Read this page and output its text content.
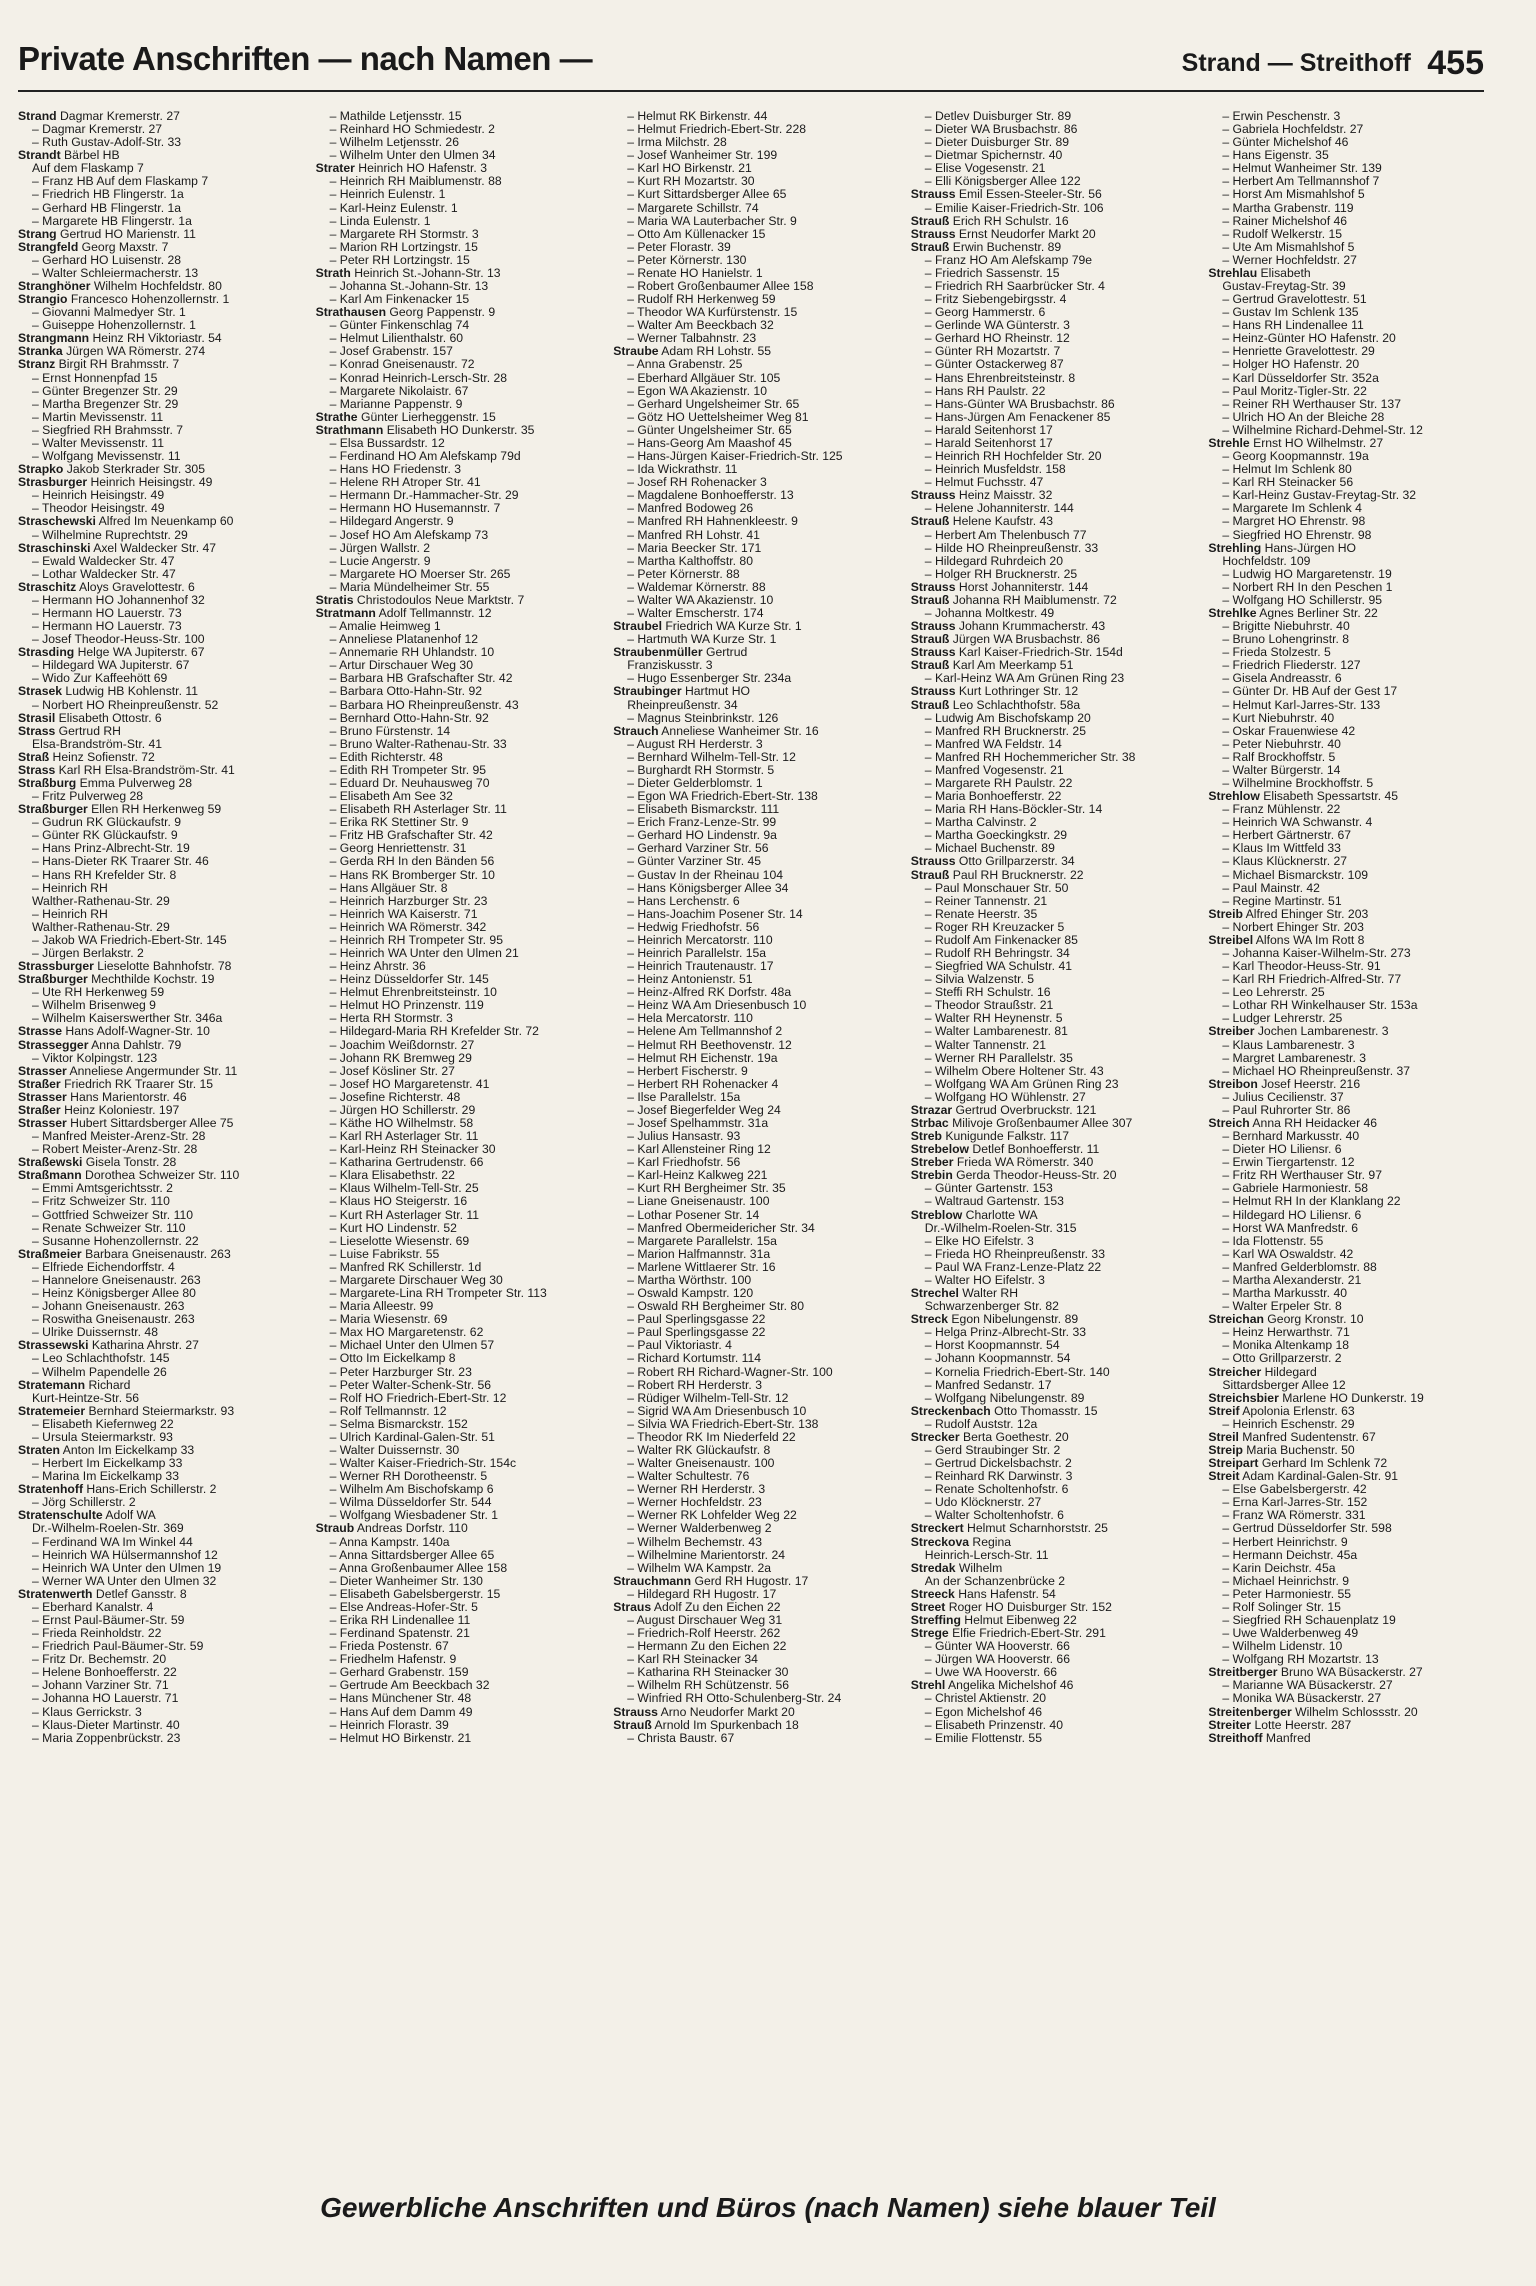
Private Anschriften — nach Namen —	Strand — Streithoff 455
Strand Dagmar Kremerstr. 27
– Dagmar Kremerstr. 27
– Ruth Gustav-Adolf-Str. 33
Strandt Bärbel HB
Auf dem Flaskamp 7
– Franz HB Auf dem Flaskamp 7
– Friedrich HB Flingerstr. 1a
– Gerhard HB Flingerstr. 1a
– Margarete HB Flingerstr. 1a
Strang Gertrud HO Marienstr. 11
Strangfeld Georg Maxstr. 7
– Gerhard HO Luisenstr. 28
– Walter Schleiermacherstr. 13
Stranghöner Wilhelm Hochfeldstr. 80
Strangio Francesco Hohenzollernstr. 1
– Giovanni Malmedyer Str. 1
– Guiseppe Hohenzollernstr. 1
Strangmann Heinz RH Viktoriastr. 54
Stranka Jürgen WA Römerstr. 274
Stranz Birgit RH Brahmsstr. 7
– Ernst Honnenpfad 15
– Günter Bregenzer Str. 29
– Martha Bregenzer Str. 29
– Martin Mevissenstr. 11
– Siegfried RH Brahmsstr. 7
– Walter Mevissenstr. 11
– Wolfgang Mevissenstr. 11
Strapko Jakob Sterkrader Str. 305
Strasburger Heinrich Heisingstr. 49
– Heinrich Heisingstr. 49
– Theodor Heisingstr. 49
Straschewski Alfred Im Neuenkamp 60
– Wilhelmine Ruprechtstr. 29
Straschinski Axel Waldecker Str. 47
– Ewald Waldecker Str. 47
– Lothar Waldecker Str. 47
Straschitz Aloys Gravelottestr. 6
– Hermann HO Johannenhof 32
– Hermann HO Lauerstr. 73
– Hermann HO Lauerstr. 73
– Josef Theodor-Heuss-Str. 100
Strasding Helge WA Jupiterstr. 67
– Hildegard WA Jupiterstr. 67
– Wido Zur Kaffeehött 69
Strasek Ludwig HB Kohlenstr. 11
– Norbert HO Rheinpreußenstr. 52
Strasil Elisabeth Ottostr. 6
Strass Gertrud RH
Elsa-Brandström-Str. 41
Straß Heinz Sofienstr. 72
Strass Karl RH Elsa-Brandström-Str. 41
Straßburg Emma Pulverweg 28
– Fritz Pulverweg 28
Straßburger Ellen RH Herkenweg 59
– Gudrun RK Glückaufstr. 9
– Günter RK Glückaufstr. 9
– Hans Prinz-Albrecht-Str. 19
– Hans-Dieter RK Traarer Str. 46
– Hans RH Krefelder Str. 8
– Heinrich RH
Walther-Rathenau-Str. 29
– Heinrich RH
Walther-Rathenau-Str. 29
– Jakob WA Friedrich-Ebert-Str. 145
– Jürgen Berlakstr. 2
Strassburger Lieselotte Bahnhofstr. 78
Straßburger Mechthilde Kochstr. 19
– Ute RH Herkenweg 59
– Wilhelm Brisenweg 9
– Wilhelm Kaiserswerther Str. 346a
Strasse Hans Adolf-Wagner-Str. 10
Strassegger Anna Dahlstr. 79
– Viktor Kolpingstr. 123
Strasser Anneliese Angermunder Str. 11
Straßer Friedrich RK Traarer Str. 15
Strasser Hans Marientorstr. 46
Straßer Heinz Koloniestr. 197
Strasser Hubert Sittardsberger Allee 75
– Manfred Meister-Arenz-Str. 28
– Robert Meister-Arenz-Str. 28
Straßewski Gisela Tonstr. 28
Straßmann Dorothea Schweizer Str. 110
– Emmi Amtsgerichtsstr. 2
– Fritz Schweizer Str. 110
– Gottfried Schweizer Str. 110
– Renate Schweizer Str. 110
– Susanne Hohenzollernstr. 22
Straßmeier Barbara Gneisenaustr. 263
– Elfriede Eichendorffstr. 4
– Hannelore Gneisenaustr. 263
– Heinz Königsberger Allee 80
– Johann Gneisenaustr. 263
– Roswitha Gneisenaustr. 263
– Ulrike Duissernstr. 48
Strassewski Katharina Ahrstr. 27
– Leo Schlachthofstr. 145
– Wilhelm Papendelle 26
Stratemann Richard
Kurt-Heintze-Str. 56
Stratemeier Bernhard Steiermarkstr. 93
– Elisabeth Kiefernweg 22
– Ursula Steiermarkstr. 93
Straten Anton Im Eickelkamp 33
– Herbert Im Eickelkamp 33
– Marina Im Eickelkamp 33
Stratenhoff Hans-Erich Schillerstr. 2
– Jörg Schillerstr. 2
Stratenschulte Adolf WA
Dr.-Wilhelm-Roelen-Str. 369
– Ferdinand WA Im Winkel 44
– Heinrich WA Hülsermannshof 12
– Heinrich WA Unter den Ulmen 19
– Werner WA Unter den Ulmen 32
Stratenwerth Detlef Gansstr. 8
– Eberhard Kanalstr. 4
– Ernst Paul-Bäumer-Str. 59
– Frieda Reinholdstr. 22
– Friedrich Paul-Bäumer-Str. 59
– Fritz Dr. Bechemstr. 20
– Helene Bonhoefferstr. 22
– Johann Varziner Str. 71
– Johanna HO Lauerstr. 71
– Klaus Gerrickstr. 3
– Klaus-Dieter Martinstr. 40
– Maria Zoppenbrückstr. 23
– Mathilde Letjensstr. 15
– Reinhard HO Schmiedestr. 2
– Wilhelm Letjensstr. 26
– Wilhelm Unter den Ulmen 34
Strater Heinrich HO Hafenstr. 3
– Heinrich RH Maiblumenstr. 88
– Heinrich Eulenstr. 1
– Karl-Heinz Eulenstr. 1
– Linda Eulenstr. 1
– Margarete RH Stormstr. 3
– Marion RH Lortzingstr. 15
– Peter RH Lortzingstr. 15
Strath Heinrich St.-Johann-Str. 13
– Johanna St.-Johann-Str. 13
– Karl Am Finkenacker 15
Strathausen Georg Pappenstr. 9
– Günter Finkenschlag 74
– Helmut Lilienthalstr. 60
– Josef Grabenstr. 157
– Konrad Gneisenaustr. 72
– Konrad Heinrich-Lersch-Str. 28
– Margarete Nikolaistr. 67
– Marianne Pappenstr. 9
Strathe Günter Lierheggenstr. 15
Strathmann Elisabeth HO Dunkerstr. 35
– Elsa Bussardstr. 12
– Ferdinand HO Am Alefskamp 79d
– Hans HO Friedenstr. 3
– Helene RH Atroper Str. 41
– Hermann Dr.-Hammacher-Str. 29
– Hermann HO Husemannstr. 7
– Hildegard Angerstr. 9
– Josef HO Am Alefskamp 73
– Jürgen Wallstr. 2
– Lucie Angerstr. 9
– Margarete HO Moerser Str. 265
– Maria Mündelheimer Str. 55
Stratis Christodoulos Neue Marktstr. 7
Stratmann Adolf Tellmannstr. 12
– Amalie Heimweg 1
– Anneliese Platanenhof 12
– Annemarie RH Uhlandstr. 10
– Artur Dirschauer Weg 30
– Barbara HB Grafschafter Str. 42
– Barbara Otto-Hahn-Str. 92
– Barbara HO Rheinpreußenstr. 43
– Bernhard Otto-Hahn-Str. 92
– Bruno Fürstenstr. 14
– Bruno Walter-Rathenau-Str. 33
– Edith Richterstr. 48
– Edith RH Trompeter Str. 95
– Eduard Dr. Neuhausweg 70
– Elisabeth Am See 32
– Elisabeth RH Asterlager Str. 11
– Erika RK Stettiner Str. 9
– Fritz HB Grafschafter Str. 42
– Georg Henriettenstr. 31
– Gerda RH In den Bänden 56
– Hans RK Bromberger Str. 10
– Hans Allgäuer Str. 8
– Heinrich Harzburger Str. 23
– Heinrich WA Kaiserstr. 71
– Heinrich WA Römerstr. 342
– Heinrich RH Trompeter Str. 95
– Heinrich WA Unter den Ulmen 21
– Heinz Ahrstr. 36
– Heinz Düsseldorfer Str. 145
– Helmut Ehrenbreitsteinstr. 10
– Helmut HO Prinzenstr. 119
– Herta RH Stormstr. 3
– Hildegard-Maria RH Krefelder Str. 72
– Joachim Weißdornstr. 27
– Johann RK Bremweg 29
– Josef Kösliner Str. 27
– Josef HO Margaretenstr. 41
– Josefine Richterstr. 48
– Jürgen HO Schillerstr. 29
– Käthe HO Wilhelmstr. 58
– Karl RH Asterlager Str. 11
– Karl-Heinz RH Steinacker 30
– Katharina Gertrudenstr. 66
– Klara Elisabethstr. 22
– Klaus Wilhelm-Tell-Str. 25
– Klaus HO Steigerstr. 16
– Kurt RH Asterlager Str. 11
– Kurt HO Lindenstr. 52
– Lieselotte Wiesenstr. 69
– Luise Fabrikstr. 55
– Manfred RK Schillerstr. 1d
– Margarete Dirschauer Weg 30
– Margarete-Lina RH Trompeter Str. 113
– Maria Alleestr. 99
– Maria Wiesenstr. 69
– Max HO Margaretenstr. 62
– Michael Unter den Ulmen 57
– Otto Im Eickelkamp 8
– Peter Harzburger Str. 23
– Peter Walter-Schenk-Str. 56
– Rolf HO Friedrich-Ebert-Str. 12
– Rolf Tellmannstr. 12
– Selma Bismarckstr. 152
– Ulrich Kardinal-Galen-Str. 51
– Walter Duissernstr. 30
– Walter Kaiser-Friedrich-Str. 154c
– Werner RH Dorotheenstr. 5
– Wilhelm Am Bischofskamp 6
– Wilma Düsseldorfer Str. 544
– Wolfgang Wiesbadener Str. 1
Straub Andreas Dorfstr. 110
– Anna Kampstr. 140a
– Anna Sittardsberger Allee 65
– Anna Großenbaumer Allee 158
– Dieter Wanheimer Str. 130
– Elisabeth Gabelsbergerstr. 15
– Else Andreas-Hofer-Str. 5
– Erika RH Lindenallee 11
– Ferdinand Spatenstr. 21
– Frieda Postenstr. 67
– Friedhelm Hafenstr. 9
– Gerhard Grabenstr. 159
– Gertrude Am Beeckbach 32
– Hans Münchener Str. 48
– Hans Auf dem Damm 49
– Heinrich Florastr. 39
– Helmut HO Birkenstr. 21
– Helmut RK Birkenstr. 44
– Helmut Friedrich-Ebert-Str. 228
– Irma Milchstr. 28
– Josef Wanheimer Str. 199
– Karl HO Birkenstr. 21
– Kurt RH Mozartstr. 30
– Kurt Sittardsberger Allee 65
– Margarete Schillstr. 74
– Maria WA Lauterbacher Str. 9
– Otto Am Küllenacker 15
– Peter Florastr. 39
– Peter Körnerstr. 130
– Renate HO Hanielstr. 1
– Robert Großenbaumer Allee 158
– Rudolf RH Herkenweg 59
– Theodor WA Kurfürstenstr. 15
– Walter Am Beeckbach 32
– Werner Talbahnstr. 23
Straube Adam RH Lohstr. 55
– Anna Grabenstr. 25
– Eberhard Allgäuer Str. 105
– Egon WA Akazienstr. 10
– Gerhard Ungelsheimer Str. 65
– Götz HO Uettelsheimer Weg 81
– Günter Ungelsheimer Str. 65
– Hans-Georg Am Maashof 45
– Hans-Jürgen Kaiser-Friedrich-Str. 125
– Ida Wickrathstr. 11
– Josef RH Rohenacker 3
– Magdalene Bonhoefferstr. 13
– Manfred Bodoweg 26
– Manfred RH Hahnenkleestr. 9
– Manfred RH Lohstr. 41
– Maria Beecker Str. 171
– Martha Kalthoffstr. 80
– Peter Körnerstr. 88
– Waldemar Körnerstr. 88
– Walter WA Akazienstr. 10
– Walter Emscherstr. 174
Straubel Friedrich WA Kurze Str. 1
– Hartmuth WA Kurze Str. 1
Straubenmüller Gertrud
Franziskusstr. 3
– Hugo Essenberger Str. 234a
Straubinger Hartmut HO
Rheinpreußenstr. 34
– Magnus Steinbrinkstr. 126
Strauch Anneliese Wanheimer Str. 16
– August RH Herderstr. 3
– Bernhard Wilhelm-Tell-Str. 12
– Burghardt RH Stormstr. 5
– Dieter Gelderblomstr. 1
– Egon WA Friedrich-Ebert-Str. 138
– Elisabeth Bismarckstr. 111
– Erich Franz-Lenze-Str. 99
– Gerhard HO Lindenstr. 9a
– Gerhard Varziner Str. 56
– Günter Varziner Str. 45
– Gustav In der Rheinau 104
– Hans Königsberger Allee 34
– Hans Lerchenstr. 6
– Hans-Joachim Posener Str. 14
– Hedwig Friedhofstr. 56
– Heinrich Mercatorstr. 110
– Heinrich Parallelstr. 15a
– Heinrich Trautenaustr. 17
– Heinz Antonienstr. 51
– Heinz-Alfred RK Dorfstr. 48a
– Heinz WA Am Driesenbusch 10
– Hela Mercatorstr. 110
– Helene Am Tellmannshof 2
– Helmut RH Beethovenstr. 12
– Helmut RH Eichenstr. 19a
– Herbert Fischerstr. 9
– Herbert RH Rohenacker 4
– Ilse Parallelstr. 15a
– Josef Biegerfelder Weg 24
– Josef Spelhammstr. 31a
– Julius Hansastr. 93
– Karl Allensteiner Ring 12
– Karl Friedhofstr. 56
– Karl-Heinz Kalkweg 221
– Kurt RH Bergheimer Str. 35
– Liane Gneisenaustr. 100
– Lothar Posener Str. 14
– Manfred Obermeidericher Str. 34
– Margarete Parallelstr. 15a
– Marion Halfmannstr. 31a
– Marlene Wittlaerer Str. 16
– Martha Wörthstr. 100
– Oswald Kampstr. 120
– Oswald RH Bergheimer Str. 80
– Paul Sperlingsgasse 22
– Paul Sperlingsgasse 22
– Paul Viktoriastr. 4
– Richard Kortumstr. 114
– Robert RH Richard-Wagner-Str. 100
– Robert RH Herderstr. 3
– Rüdiger Wilhelm-Tell-Str. 12
– Sigrid WA Am Driesenbusch 10
– Silvia WA Friedrich-Ebert-Str. 138
– Theodor RK Im Niederfeld 22
– Walter RK Glückaufstr. 8
– Walter Gneisenaustr. 100
– Walter Schultestr. 76
– Werner RH Herderstr. 3
– Werner Hochfeldstr. 23
– Werner RK Lohfelder Weg 22
– Werner Walderbenweg 2
– Wilhelm Bechemstr. 43
– Wilhelmine Marientorstr. 24
– Wilhelm WA Kampstr. 2a
Strauchmann Gerd RH Hugostr. 17
– Hildegard RH Hugostr. 17
Straus Adolf Zu den Eichen 22
– August Dirschauer Weg 31
– Friedrich-Rolf Heerstr. 262
– Hermann Zu den Eichen 22
– Karl RH Steinacker 34
– Katharina RH Steinacker 30
– Wilhelm RH Schützenstr. 56
– Winfried RH Otto-Schulenberg-Str. 24
Strauss Arno Neudorfer Markt 20
Strauß Arnold Im Spurkenbach 18
– Christa Baustr. 67
– Detlev Duisburger Str. 89
– Dieter WA Brusbachstr. 86
– Dieter Duisburger Str. 89
– Dietmar Spichernstr. 40
– Elise Vogesenstr. 21
– Elli Königsberger Allee 122
Strauss Emil Essen-Steeler-Str. 56
– Emilie Kaiser-Friedrich-Str. 106
Strauß Erich RH Schulstr. 16
Strauss Ernst Neudorfer Markt 20
Strauß Erwin Buchenstr. 89
– Franz HO Am Alefskamp 79e
– Friedrich Sassenstr. 15
– Friedrich RH Saarbrücker Str. 4
– Fritz Siebengebirgsstr. 4
– Georg Hammerstr. 6
– Gerlinde WA Günterstr. 3
– Gerhard HO Rheinstr. 12
– Günter RH Mozartstr. 7
– Günter Ostackerweg 87
– Hans Ehrenbreitsteinstr. 8
– Hans RH Paulstr. 22
– Hans-Günter WA Brusbachstr. 86
– Hans-Jürgen Am Fenackener 85
– Harald Seitenhorst 17
– Harald Seitenhorst 17
– Heinrich RH Hochfelder Str. 20
– Heinrich Musfeldstr. 158
– Helmut Fuchsstr. 47
Strauss Heinz Maisstr. 32
– Helene Johanniterstr. 144
Strauß Helene Kaufstr. 43
– Herbert Am Thelenbusch 77
– Hilde HO Rheinpreußenstr. 33
– Hildegard Ruhrdeich 20
– Holger RH Brucknerstr. 25
Strauss Horst Johanniterstr. 144
Strauß Johanna RH Maiblumenstr. 72
– Johanna Moltkestr. 49
Strauss Johann Krummacherstr. 43
Strauß Jürgen WA Brusbachstr. 86
Strauss Karl Kaiser-Friedrich-Str. 154d
Strauß Karl Am Meerkamp 51
– Karl-Heinz WA Am Grünen Ring 23
Strauss Kurt Lothringer Str. 12
Strauß Leo Schlachthofstr. 58a
– Ludwig Am Bischofskamp 20
– Manfred RH Brucknerstr. 25
– Manfred WA Feldstr. 14
– Manfred RH Hochemmericher Str. 38
– Manfred Vogesenstr. 21
– Margarete RH Paulstr. 22
– Maria Bonhoefferstr. 22
– Maria RH Hans-Böckler-Str. 14
– Martha Calvinstr. 2
– Martha Goeckingkstr. 29
– Michael Buchenstr. 89
Strauss Otto Grillparzerstr. 34
Strauß Paul RH Brucknerstr. 22
– Paul Monschauer Str. 50
– Reiner Tannenstr. 21
– Renate Heerstr. 35
– Roger RH Kreuzacker 5
– Rudolf Am Finkenacker 85
– Rudolf RH Behringstr. 34
– Siegfried WA Schulstr. 41
– Silvia Walzenstr. 5
– Steffi RH Schulstr. 16
– Theodor Straußstr. 21
– Walter RH Heynenstr. 5
– Walter Lambarenestr. 81
– Walter Tannenstr. 21
– Werner RH Parallelstr. 35
– Wilhelm Obere Holtener Str. 43
– Wolfgang WA Am Grünen Ring 23
– Wolfgang HO Wühlenstr. 27
Strazar Gertrud Overbruckstr. 121
Strbac Milivoje Großenbaumer Allee 307
Streb Kunigunde Falkstr. 117
Strebelow Detlef Bonhoefferstr. 11
Streber Frieda WA Römerstr. 340
Strebin Gerda Theodor-Heuss-Str. 20
– Günter Gartenstr. 153
– Waltraud Gartenstr. 153
Streblow Charlotte WA
Dr.-Wilhelm-Roelen-Str. 315
– Elke HO Eifelstr. 3
– Frieda HO Rheinpreußenstr. 33
– Paul WA Franz-Lenze-Platz 22
– Walter HO Eifelstr. 3
Strechel Walter RH
Schwarzenberger Str. 82
Streck Egon Nibelungenstr. 89
– Helga Prinz-Albrecht-Str. 33
– Horst Koopmannstr. 54
– Johann Koopmannstr. 54
– Kornelia Friedrich-Ebert-Str. 140
– Manfred Sedanstr. 17
– Wolfgang Nibelungenstr. 89
Streckenbach Otto Thomasstr. 15
– Rudolf Auststr. 12a
Strecker Berta Goethestr. 20
– Gerd Straubinger Str. 2
– Gertrud Dickelsbachstr. 2
– Reinhard RK Darwinstr. 3
– Renate Scholtenhofstr. 6
– Udo Klöcknerstr. 27
– Walter Scholtenhofstr. 6
Streckert Helmut Scharnhorststr. 25
Streckova Regina
Heinrich-Lersch-Str. 11
Stredak Wilhelm
An der Schanzenbrücke 2
Streeck Hans Hafenstr. 54
Street Roger HO Duisburger Str. 152
Streffing Helmut Eibenweg 22
Strege Elfie Friedrich-Ebert-Str. 291
– Günter WA Hooverstr. 66
– Jürgen WA Hooverstr. 66
– Uwe WA Hooverstr. 66
Strehl Angelika Michelshof 46
– Christel Aktienstr. 20
– Egon Michelshof 46
– Elisabeth Prinzenstr. 40
– Emilie Flottenstr. 55
– Erwin Peschenstr. 3
– Gabriela Hochfeldstr. 27
– Günter Michelshof 46
– Hans Eigenstr. 35
– Helmut Wanheimer Str. 139
– Herbert Am Tellmannshof 7
– Horst Am Mismahlshof 5
– Martha Grabenstr. 119
– Rainer Michelshof 46
– Rudolf Welkerstr. 15
– Ute Am Mismahlshof 5
– Werner Hochfeldstr. 27
Strehlau Elisabeth
Gustav-Freytag-Str. 39
– Gertrud Gravelottestr. 51
– Gustav Im Schlenk 135
– Hans RH Lindenallee 11
– Heinz-Günter HO Hafenstr. 20
– Henriette Gravelottestr. 29
– Holger HO Hafenstr. 20
– Karl Düsseldorfer Str. 352a
– Paul Moritz-Tigler-Str. 22
– Reiner RH Werthauser Str. 137
– Ulrich HO An der Bleiche 28
– Wilhelmine Richard-Dehmel-Str. 12
Strehle Ernst HO Wilhelmstr. 27
– Georg Koopmannstr. 19a
– Helmut Im Schlenk 80
– Karl RH Steinacker 56
– Karl-Heinz Gustav-Freytag-Str. 32
– Margarete Im Schlenk 4
– Margret HO Ehrenstr. 98
– Siegfried HO Ehrenstr. 98
Strehling Hans-Jürgen HO
Hochfeldstr. 109
– Ludwig HO Margaretenstr. 19
– Norbert RH In den Peschen 1
– Wolfgang HO Schillerstr. 95
Strehlke Agnes Berliner Str. 22
– Brigitte Niebuhrstr. 40
– Bruno Lohengrinstr. 8
– Frieda Stolzestr. 5
– Friedrich Fliederstr. 127
– Gisela Andreasstr. 6
– Günter Dr. HB Auf der Gest 17
– Helmut Karl-Jarres-Str. 133
– Kurt Niebuhrstr. 40
– Oskar Frauenwiese 42
– Peter Niebuhrstr. 40
– Ralf Brockhoffstr. 5
– Walter Bürgerstr. 14
– Wilhelmine Brockhoffstr. 5
Strehlow Elisabeth Spessartstr. 45
– Franz Mühlenstr. 22
– Heinrich WA Schwanstr. 4
– Herbert Gärtnerstr. 67
– Klaus Im Wittfeld 33
– Klaus Klücknerstr. 27
– Michael Bismarckstr. 109
– Paul Mainstr. 42
– Regine Martinstr. 51
Streib Alfred Ehinger Str. 203
– Norbert Ehinger Str. 203
Streibel Alfons WA Im Rott 8
– Johanna Kaiser-Wilhelm-Str. 273
– Karl Theodor-Heuss-Str. 91
– Karl RH Friedrich-Alfred-Str. 77
– Leo Lehrerstr. 25
– Lothar RH Winkelhauser Str. 153a
– Ludger Lehrerstr. 25
Streiber Jochen Lambarenestr. 3
– Klaus Lambarenestr. 3
– Margret Lambarenestr. 3
– Michael HO Rheinpreußenstr. 37
Streibon Josef Heerstr. 216
– Julius Cecilienstr. 37
– Paul Ruhrorter Str. 86
Streich Anna RH Heidacker 46
– Bernhard Markusstr. 40
– Dieter HO Liliensr. 6
– Erwin Tiergartenstr. 12
– Fritz RH Werthauser Str. 97
– Gabriele Harmoniestr. 58
– Helmut RH In der Klanklang 22
– Hildegard HO Liliensr. 6
– Horst WA Manfredstr. 6
– Ida Flottenstr. 55
– Karl WA Oswaldstr. 42
– Manfred Gelderblomstr. 88
– Martha Alexanderstr. 21
– Martha Markusstr. 40
– Walter Erpeler Str. 8
Streichan Georg Kronstr. 10
– Heinz Herwarthstr. 71
– Monika Altenkamp 18
– Otto Grillparzerstr. 2
Streicher Hildegard
Sittardsberger Allee 12
Streichsbier Marlene HO Dunkerstr. 19
Streif Apolonia Erlenstr. 63
– Heinrich Eschenstr. 29
Streil Manfred Sudentenstr. 67
Streip Maria Buchenstr. 50
Streipart Gerhard Im Schlenk 72
Streit Adam Kardinal-Galen-Str. 91
– Else Gabelsbergerstr. 42
– Erna Karl-Jarres-Str. 152
– Franz WA Römerstr. 331
– Gertrud Düsseldorfer Str. 598
– Herbert Heinrichstr. 9
– Hermann Deichstr. 45a
– Karin Deichstr. 45a
– Michael Heinrichstr. 9
– Peter Harmoniestr. 55
– Rolf Solinger Str. 15
– Siegfried RH Schauenplatz 19
– Uwe Walderbenweg 49
– Wilhelm Lidenstr. 10
– Wolfgang RH Mozartstr. 13
Streitberger Bruno WA Büsackerstr. 27
– Marianne WA Büsackerstr. 27
– Monika WA Büsackerstr. 27
Streitenberger Wilhelm Schlossstr. 20
Streiter Lotte Heerstr. 287
Streithoff Manfred
Gewerbliche Anschriften und Büros (nach Namen) siehe blauer Teil
